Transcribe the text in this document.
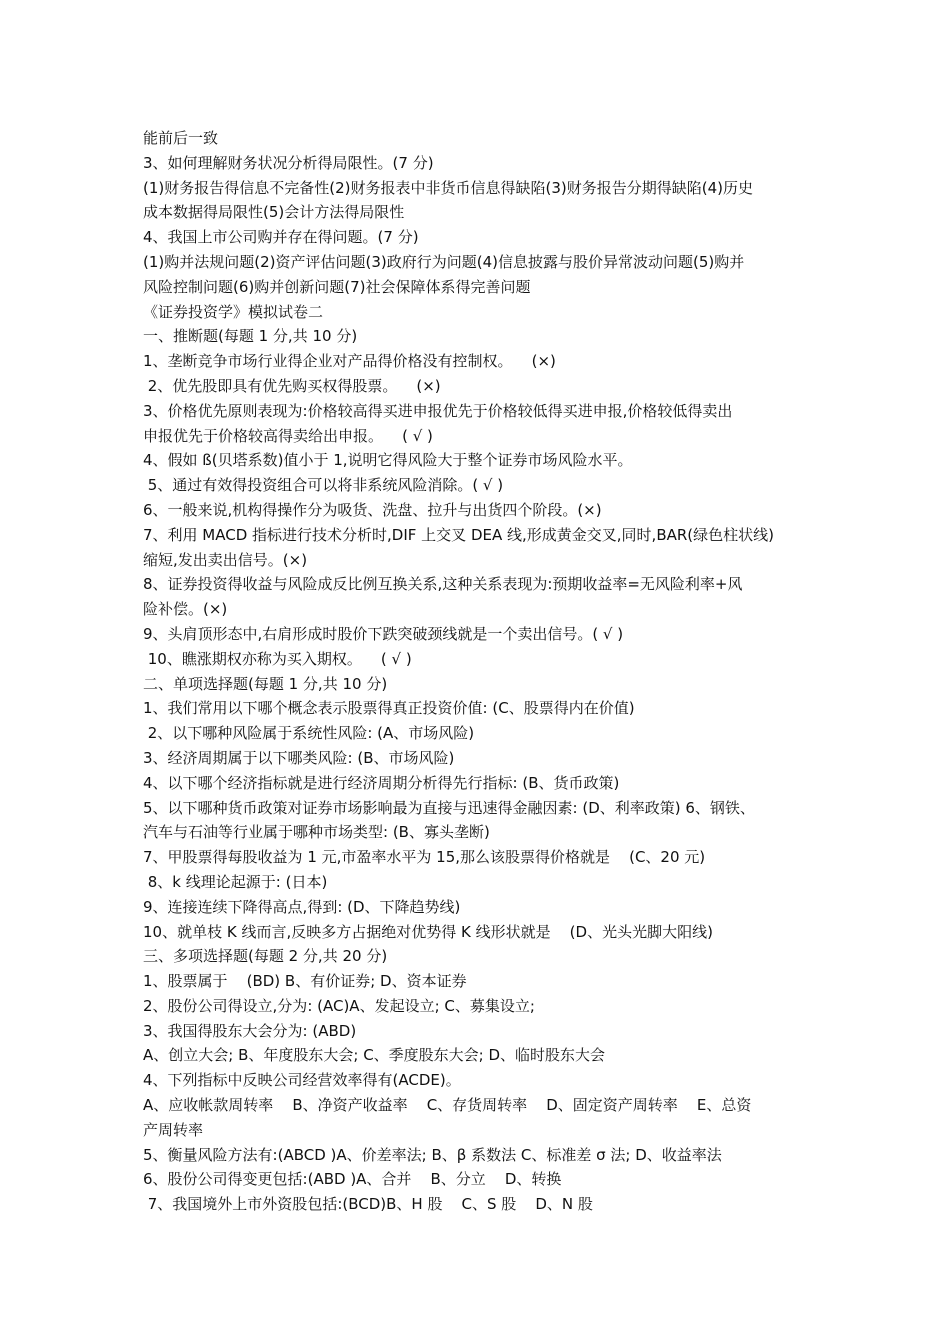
能前后一致
3、如何理解财务状况分析得局限性。(7 分)
(1)财务报告得信息不完备性(2)财务报表中非货币信息得缺陷(3)财务报告分期得缺陷(4)历史
成本数据得局限性(5)会计方法得局限性
4、我国上市公司购并存在得问题。(7 分)
(1)购并法规问题(2)资产评估问题(3)政府行为问题(4)信息披露与股价异常波动问题(5)购并
风险控制问题(6)购并创新问题(7)社会保障体系得完善问题
《证券投资学》模拟试卷二
一、推断题(每题 1 分,共 10 分)
1、垄断竞争市场行业得企业对产品得价格没有控制权。    (×)
2、优先股即具有优先购买权得股票。    (×)
3、价格优先原则表现为:价格较高得买进申报优先于价格较低得买进申报,价格较低得卖出
申报优先于价格较高得卖给出申报。    ( √ )
4、假如 ß(贝塔系数)值小于 1,说明它得风险大于整个证券市场风险水平。
5、通过有效得投资组合可以将非系统风险消除。( √ )
6、一般来说,机构得操作分为吸货、洗盘、拉升与出货四个阶段。(×)
7、利用 MACD 指标进行技术分析时,DIF 上交叉 DEA 线,形成黄金交叉,同时,BAR(绿色柱状线)
缩短,发出卖出信号。(×)
8、证券投资得收益与风险成反比例互换关系,这种关系表现为:预期收益率=无风险利率+风
险补偿。(×)
9、头肩顶形态中,右肩形成时股价下跌突破颈线就是一个卖出信号。( √ )
10、瞧涨期权亦称为买入期权。    ( √ )
二、单项选择题(每题 1 分,共 10 分)
1、我们常用以下哪个概念表示股票得真正投资价值: (C、股票得内在价值)
2、以下哪种风险属于系统性风险: (A、市场风险)
3、经济周期属于以下哪类风险: (B、市场风险)
4、以下哪个经济指标就是进行经济周期分析得先行指标: (B、货币政策)
5、以下哪种货币政策对证券市场影响最为直接与迅速得金融因素: (D、利率政策) 6、钢铁、
汽车与石油等行业属于哪种市场类型: (B、寡头垄断)
7、甲股票得每股收益为 1 元,市盈率水平为 15,那么该股票得价格就是    (C、20 元)
8、k 线理论起源于: (日本)
9、连接连续下降得高点,得到: (D、下降趋势线)
10、就单枝 K 线而言,反映多方占据绝对优势得 K 线形状就是    (D、光头光脚大阳线)
三、多项选择题(每题 2 分,共 20 分)
1、股票属于    (BD) B、有价证券; D、资本证券
2、股份公司得设立,分为: (AC)A、发起设立; C、募集设立;
3、我国得股东大会分为: (ABD)
A、创立大会; B、年度股东大会; C、季度股东大会; D、临时股东大会
4、下列指标中反映公司经营效率得有(ACDE)。
A、应收帐款周转率    B、净资产收益率    C、存货周转率    D、固定资产周转率    E、总资
产周转率
5、衡量风险方法有:(ABCD )A、价差率法; B、β 系数法 C、标准差 σ 法; D、收益率法
6、股份公司得变更包括:(ABD )A、合并    B、分立    D、转换
7、我国境外上市外资股包括:(BCD)B、H 股    C、S 股    D、N 股
